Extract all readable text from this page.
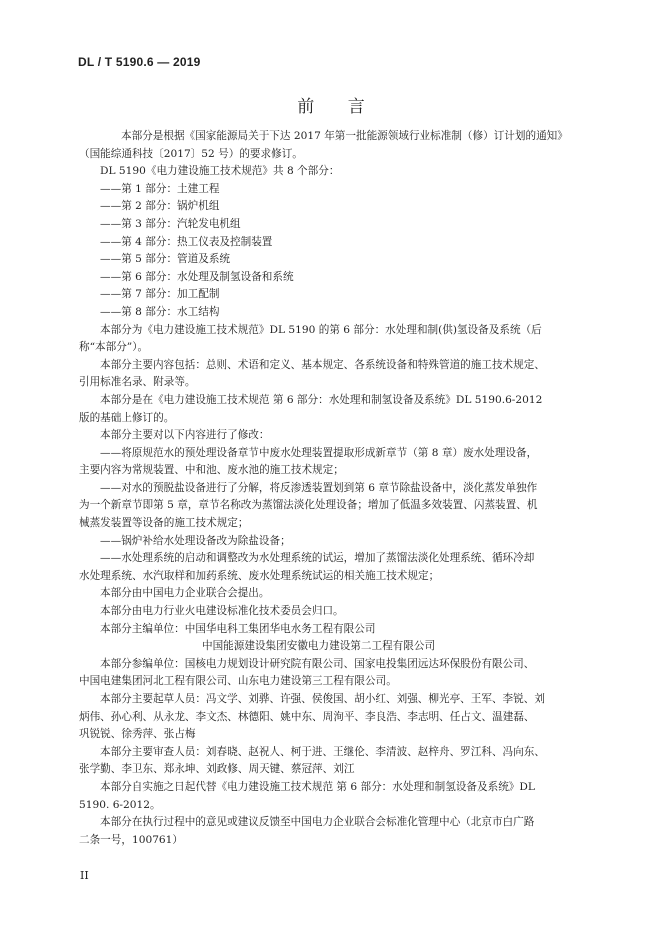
DL / T 5190.6 — 2019
前 言

本部分是根据《国家能源局关于下达 2017 年第一批能源领域行业标准制（修）订计划的通知》

（国能综通科技〔2017〕52 号）的要求修订。

DL 5190《电力建设施工技术规范》共 8 个部分：

——第 1 部分：土建工程

——第 2 部分：锅炉机组

——第 3 部分：汽轮发电机组

——第 4 部分：热工仪表及控制装置

——第 5 部分：管道及系统

——第 6 部分：水处理及制氢设备和系统

——第 7 部分：加工配制

——第 8 部分：水工结构

本部分为《电力建设施工技术规范》DL 5190 的第 6 部分：水处理和制(供)氢设备及系统（后

称“本部分”）。

本部分主要内容包括：总则、术语和定义、基本规定、各系统设备和特殊管道的施工技术规定、

引用标准名录、附录等。

本部分是在《电力建设施工技术规范 第 6 部分：水处理和制氢设备及系统》DL 5190.6-2012

版的基础上修订的。

本部分主要对以下内容进行了修改：

——将原规范水的预处理设备章节中废水处理装置提取形成新章节（第 8 章）废水处理设备，

主要内容为常规装置、中和池、废水池的施工技术规定；

——对水的预脱盐设备进行了分解，将反渗透装置划到第 6 章节除盐设备中，淡化蒸发单独作

为一个新章节即第 5 章，章节名称改为蒸馏法淡化处理设备；增加了低温多效装置、闪蒸装置、机

械蒸发装置等设备的施工技术规定；

——锅炉补给水处理设备改为除盐设备；

——水处理系统的启动和调整改为水处理系统的试运，增加了蒸馏法淡化处理系统、循环冷却

水处理系统、水汽取样和加药系统、废水处理系统试运的相关施工技术规定；

本部分由中国电力企业联合会提出。

本部分由电力行业火电建设标准化技术委员会归口。

本部分主编单位：中国华电科工集团华电水务工程有限公司

中国能源建设集团安徽电力建设第二工程有限公司

本部分参编单位：国核电力规划设计研究院有限公司、国家电投集团远达环保股份有限公司、

中国电建集团河北工程有限公司、山东电力建设第三工程有限公司。

本部分主要起草人员：冯文学、刘骅、许强、侯俊国、胡小红、刘强、柳光亭、王军、李锐、刘

炳伟、孙心利、从永龙、李文杰、林德阳、姚中东、周洵平、李良浩、李志明、任占文、温建磊、

巩锐锐、徐秀萍、张占梅

本部分主要审查人员：刘春晓、赵祝人、柯于进、王继伦、李清波、赵梓舟、罗江科、冯向东、

张学勤、李卫东、郑永坤、刘政修、周天键、蔡冠萍、刘江

本部分自实施之日起代替《电力建设施工技术规范 第 6 部分：水处理和制氢设备及系统》DL

5190. 6-2012。

本部分在执行过程中的意见或建议反馈至中国电力企业联合会标准化管理中心（北京市白广路

二条一号，100761）

II
